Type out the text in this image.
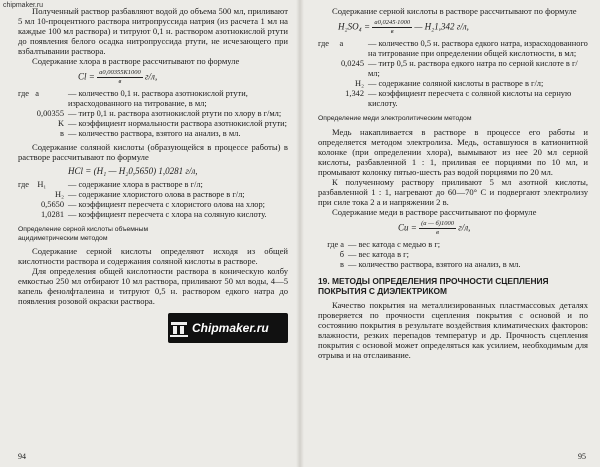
chipmaker.ru

Полученный раствор разбавляют водой до объема 500 мл, приливают 5 мл 10-процентного раствора нитропруссида натрия (из расчета 1 мл на каждые 100 мл раствора) и титруют 0,1 н. раствором азотнокислой ртути до появления белого осадка нитропруссида ртути, не исчезающего при взбалтывании раствора.

Содержание хлора в растворе рассчитывают по формуле

$Cl = \frac{a0,00355K1000}{в} г/л$,
где a	— количество 0,1 н. раствора азотнокислой ртути, израсходованного на титрование, в мл;
0,00355 — титр 0,1 н. раствора азотнокислой ртути по хлору в г/мл;
K — коэффициент нормальности раствора азотнокислой ртути;
в — количество раствора, взятого на анализ, в мл.

Содержание соляной кислоты (образующейся в процессе работы) в растворе рассчитывают по формуле

HCl = (H₁ — H₂0,5650) 1,0281 г/л,
где H₁	— содержание хлора в растворе в г/л;
H₂ — содержание хлористого олова в растворе в г/л;
0,5650 — коэффициент пересчета с хлористого олова на хлор;
1,0281 — коэффициент пересчета с хлора на соляную кислоту.
Определение серной кислоты объемным ацидиметрическим методом

Содержание серной кислоты определяют исходя из общей кислотности раствора и содержания соляной кислоты в растворе.

Для определения общей кислотности раствора в коническую колбу емкостью 250 мл отбирают 10 мл раствора, приливают 50 мл воды, 4—5 капель фенолфталеина и титруют 0,5 н. раствором едкого натра до появления розовой окраски раствора.

94

Содержание серной кислоты в растворе рассчитывают по формуле

$H_2SO_4 = \frac{a0,0245\cdot 1000}{в}$ — H₂1,342 г/л,
где a	— количество 0,5 н. раствора едкого натра, израсходованного на титрование при определении общей кислотности, в мл;
0,0245 — титр 0,5 н. раствора едкого натра по серной кислоте в г/мл;
H₂ — содержание соляной кислоты в растворе в г/л;
1,342 — коэффициент пересчета с соляной кислоты на серную кислоту.
Определение меди электролитическим методом

Медь накапливается в растворе в процессе его работы и определяется методом электролиза. Медь, оставшуюся в катионитной колонке (при определении хлора), вымывают из нее 20 мл серной кислоты, разбавленной 1 : 1, приливая ее порциями по 10 мл, и промывают колонку пятью-шесть раз водой порциями по 20 мл.

К полученному раствору приливают 5 мл азотной кислоты, разбавленной 1 : 1, нагревают до 60—70° С и подвергают электролизу при силе тока 2 а и напряжении 2 в.

Содержание меди в растворе рассчитывают по формуле

$Cu = \frac{(a — б)1000}{в} г/л$,
где a — вес катода с медью в г;
б — вес катода в г;
в — количество раствора, взятого на анализ, в мл.
19. МЕТОДЫ ОПРЕДЕЛЕНИЯ ПРОЧНОСТИ СЦЕПЛЕНИЯ ПОКРЫТИЯ С ДИЭЛЕКТРИКОМ

Качество покрытия на металлизированных пластмассовых деталях проверяется по прочности сцепления покрытия с основой и по состоянию покрытия в результате воздействия климатических факторов: влажности, резких перепадов температур и др. Прочность сцепления покрытия с основой может определяться как усилием, необходимым для отрыва и на отслаивание.

95
Chipmaker.ru
